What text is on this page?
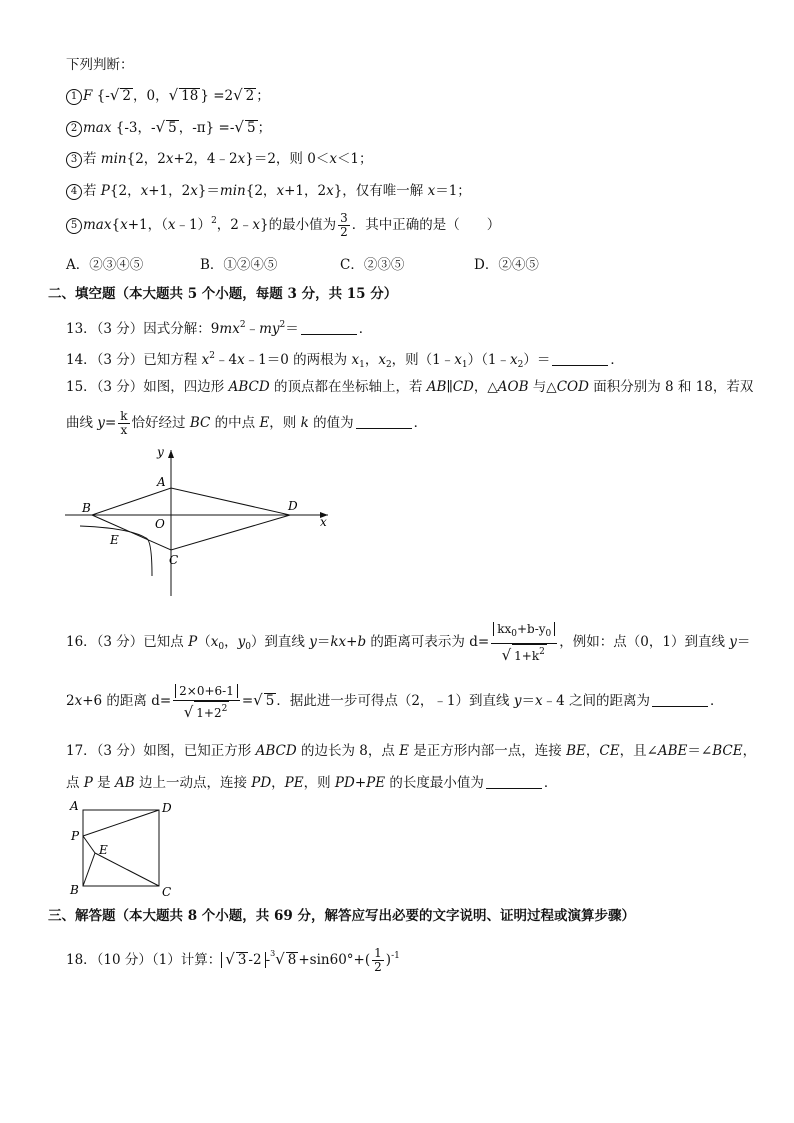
下列判断：
1 F {-√ 2 ，0，√ 18 } =2√ 2 ；
2 max {-3，-√ 5 ，-π} =-√ 5 ；
3 若 min{2，2x+2，4﹣2x}＝2，则 0＜x＜1；
4 若 P{2，x+1，2x}＝min{2，x+1，2x}，仅有唯一解 x＝1；
5 max{x+1，（x﹣1）$^2$，2﹣x}的最小值为 $\frac{3}{2}$ ．其中正确的是（　　）
A．②③④⑤	B．①②④⑤	C．②③⑤	D．②④⑤
二、填空题（本大题共 5 个小题，每题 3 分，共 15 分）
13．（3 分）因式分解：$9mx^2﹣my^2=$	．
14．（3 分）已知方程 $x^2﹣4x﹣1=0$ 的两根为 $x_1$，$x_2$，则$(1﹣x_1)(1﹣x_2)=$	．
15．（3 分）如图，四边形 ABCD 的顶点都在坐标轴上，若 AB∥CD，△AOB 与△COD 面积分别为 8 和 18，若双
曲线 $y= \frac{k}{x}$ 恰好经过 BC 的中点 E，则 k 的值为	．
y
x
A
B	D
O
C
E
16．（3 分）已知点 $P(x_0$，$y_0$）到直线 y＝kx+b 的距离可表示为 $d= \frac{kx_0+b-y_0}{√ 1+k^2}$ ，例如：点（0，1）到直线 y＝
2x+6 的距离 $d= \frac{2\times 0+6-1}{√ 1+2^2}$ =√ 5 ．据此进一步可得点（2，﹣1）到直线 y＝x﹣4 之间的距离为	．
17．（3 分）如图，已知正方形 ABCD 的边长为 8，点 E 是正方形内部一点，连接 BE，CE，且∠ABE＝∠BCE，
点 P 是 AB 边上一动点，连接 PD，PE，则 PD+PE 的长度最小值为	．
A	D
P
E
B	C
三、解答题（本大题共 8 个小题，共 69 分，解答应写出必要的文字说明、证明过程或演算步骤）
18．（10 分）（1）计算： √ 3 -2 -$^3$√ $8 +\sin 60^\circ+( \frac{1}{2} )^{-1}$
